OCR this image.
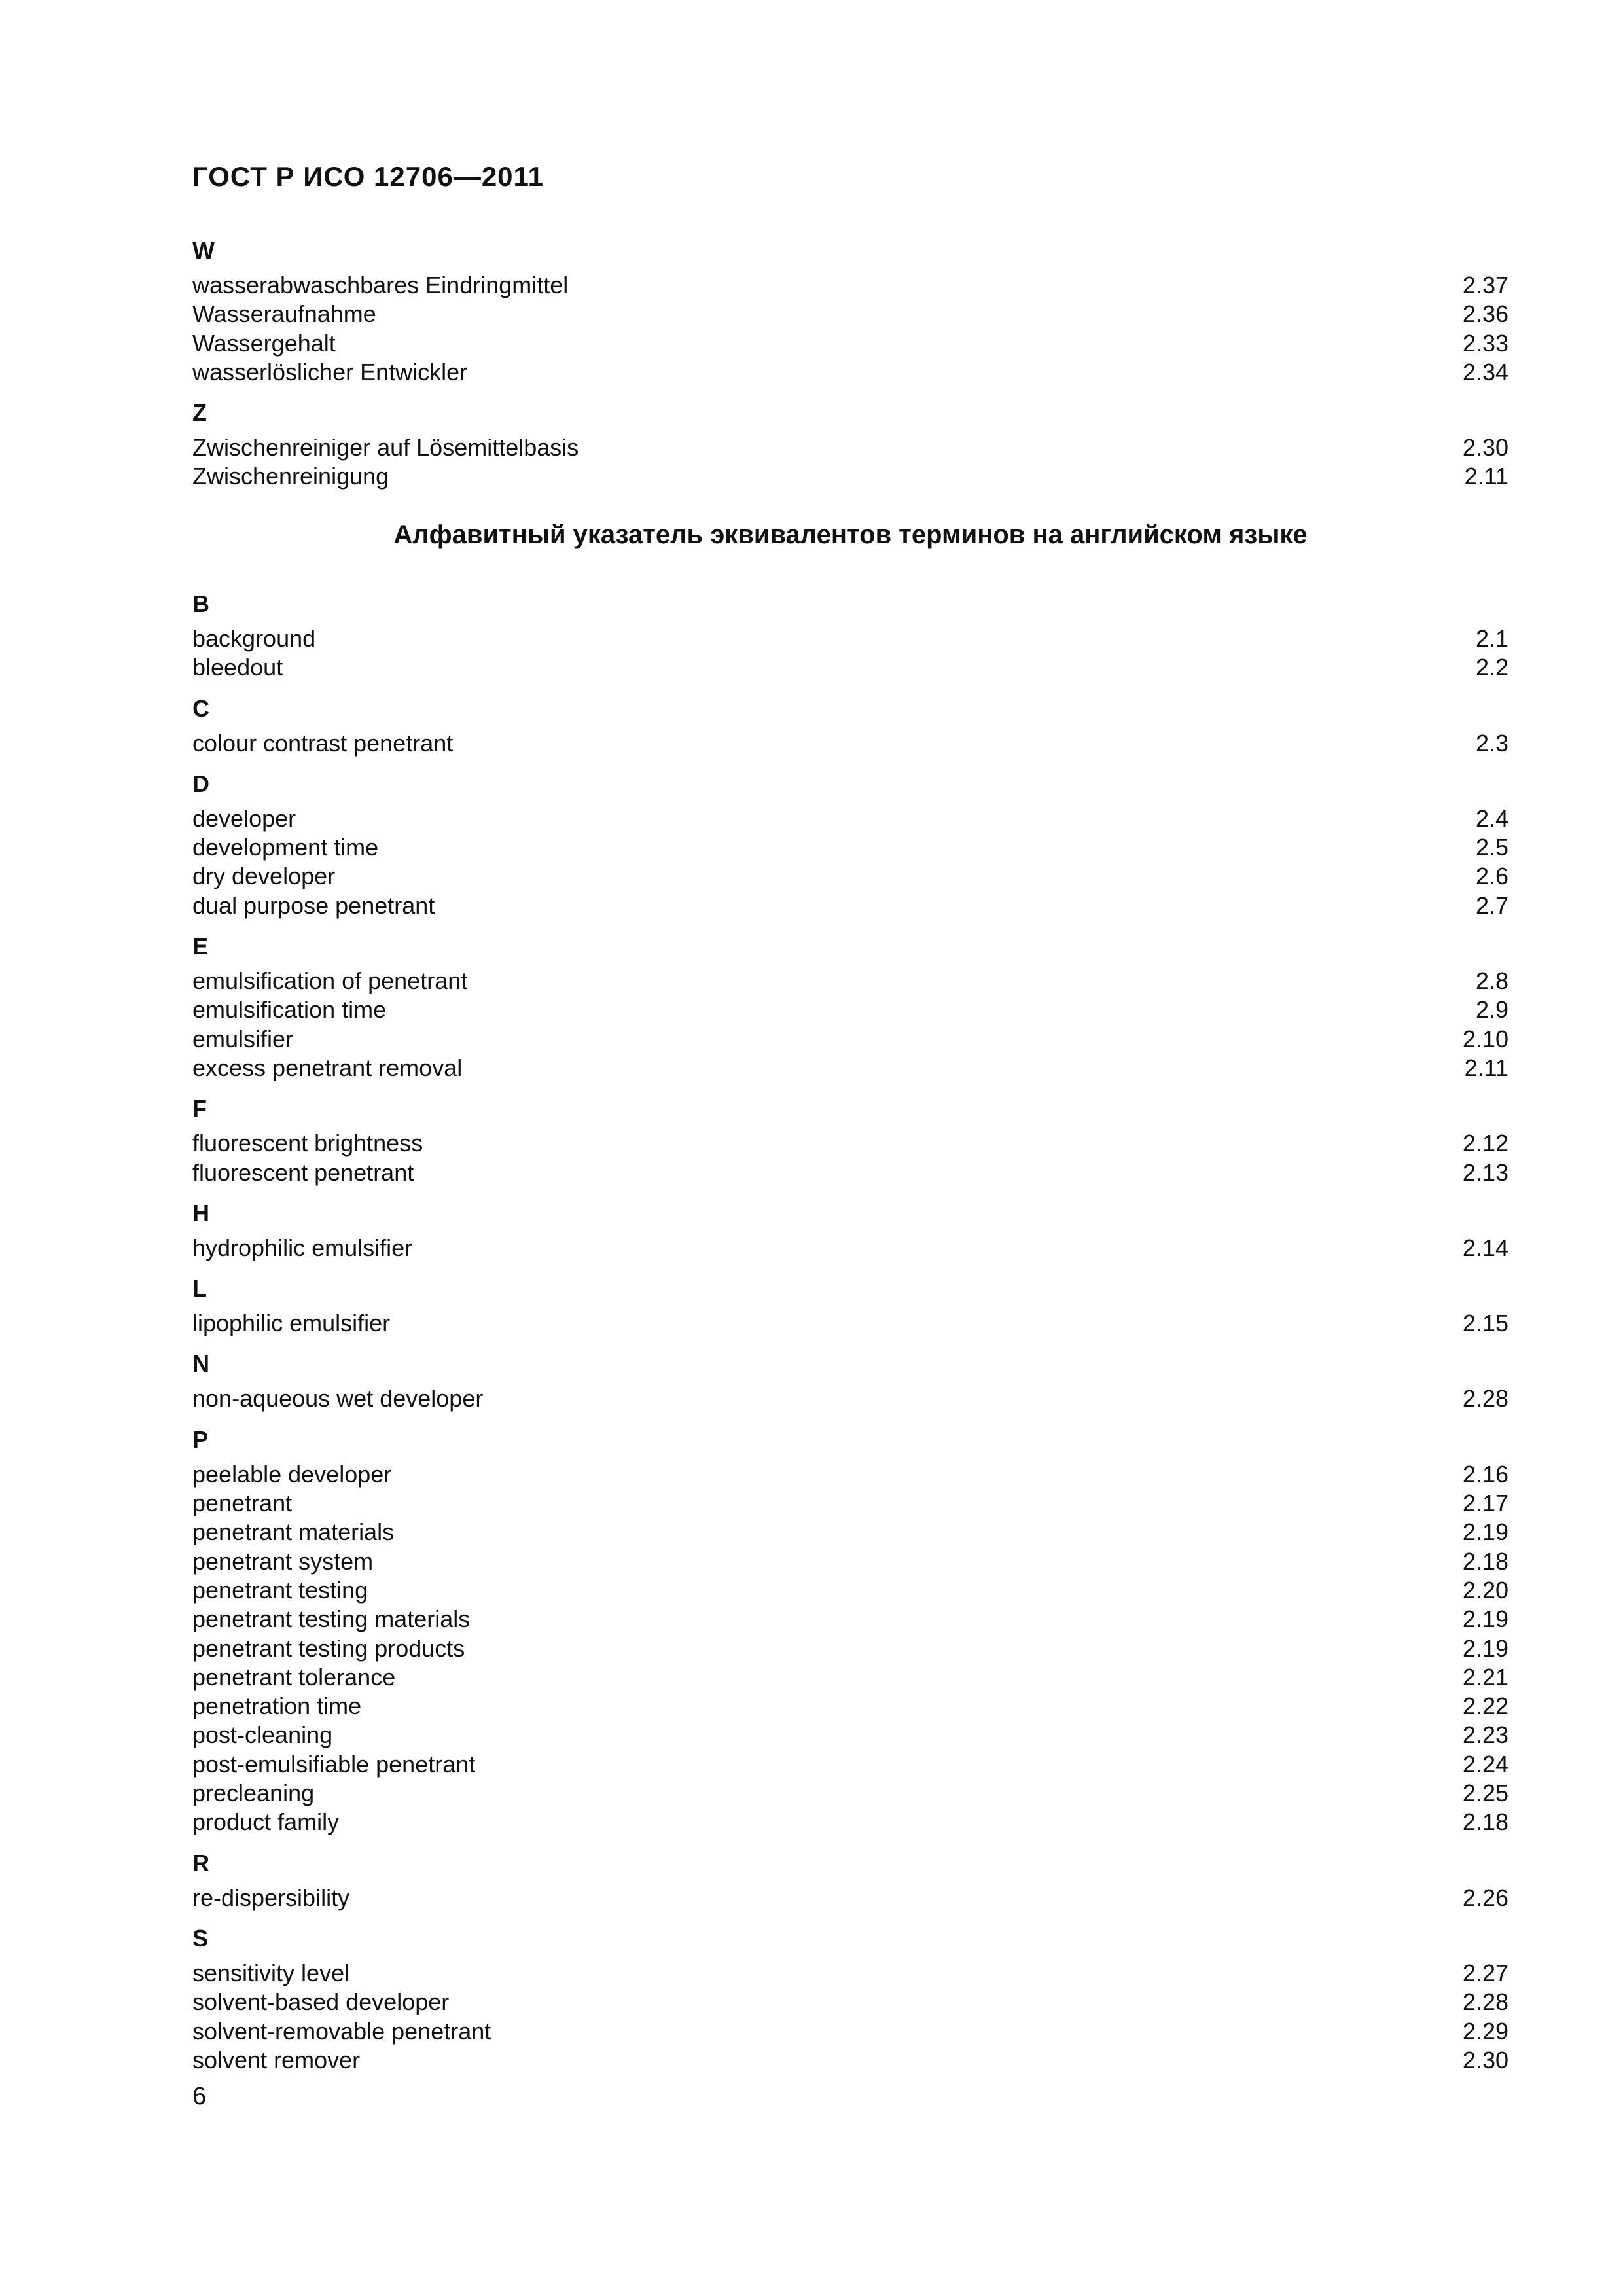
ГОСТ Р ИСО 12706—2011
W
wasserabwaschbares Eindringmittel	2.37
Wasseraufnahme	2.36
Wassergehalt	2.33
wasserlöslicher Entwickler	2.34
Z
Zwischenreiniger auf Lösemittelbasis	2.30
Zwischenreinigung	2.11
Алфавитный указатель эквивалентов терминов на английском языке
B
background	2.1
bleedout	2.2
C
colour contrast penetrant	2.3
D
developer	2.4
development time	2.5
dry developer	2.6
dual purpose penetrant	2.7
E
emulsification of penetrant	2.8
emulsification time	2.9
emulsifier	2.10
excess penetrant removal	2.11
F
fluorescent brightness	2.12
fluorescent penetrant	2.13
H
hydrophilic emulsifier	2.14
L
lipophilic emulsifier	2.15
N
non-aqueous wet developer	2.28
P
peelable developer	2.16
penetrant	2.17
penetrant materials	2.19
penetrant system	2.18
penetrant testing	2.20
penetrant testing materials	2.19
penetrant testing products	2.19
penetrant tolerance	2.21
penetration time	2.22
post-cleaning	2.23
post-emulsifiable penetrant	2.24
precleaning	2.25
product family	2.18
R
re-dispersibility	2.26
S
sensitivity level	2.27
solvent-based developer	2.28
solvent-removable penetrant	2.29
solvent remover	2.30
6
